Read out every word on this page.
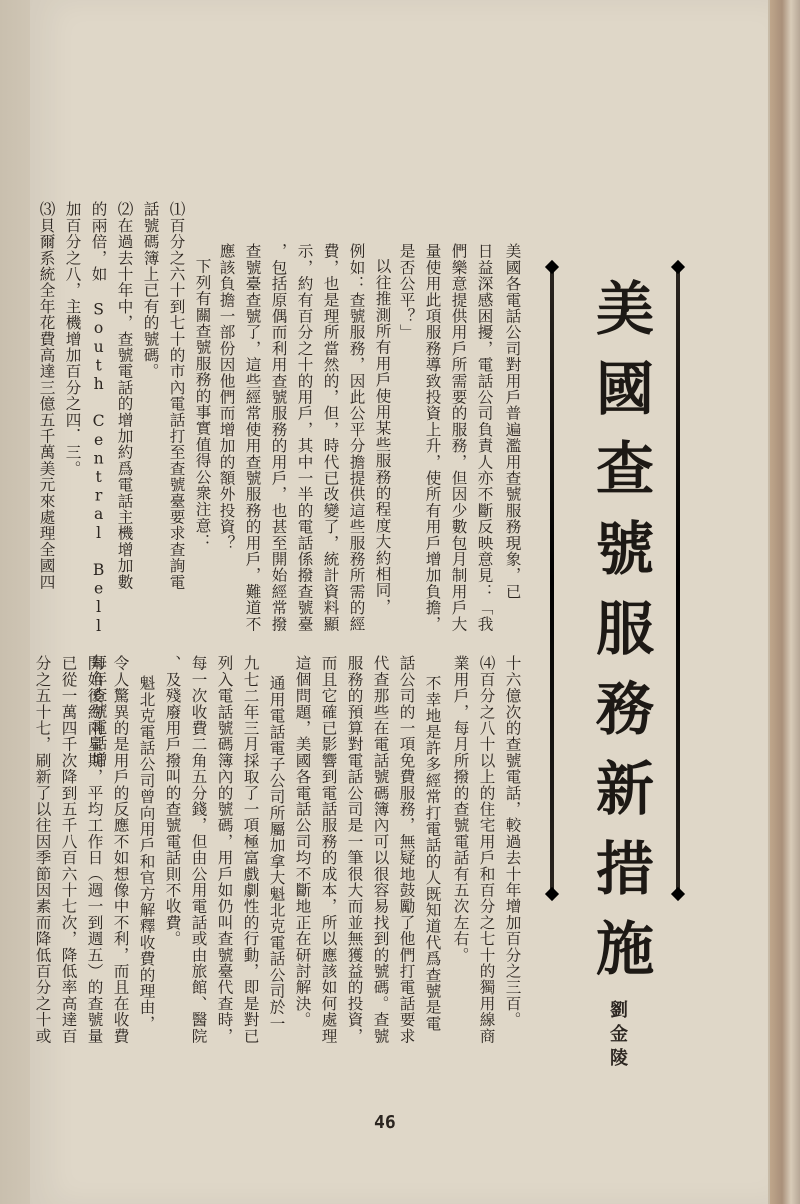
美國查號服務新措施
劉金陵
美國各電話公司對用戶普遍濫用查號服務現象，已
日益深感困擾，電話公司負責人亦不斷反映意見：「我
們樂意提供用戶所需要的服務，但因少數包月制用戶大
量使用此項服務導致投資上升，使所有用戶增加負擔，
是否公平？」
以往推測所有用戶使用某些服務的程度大約相同，
例如：查號服務，因此公平分擔提供這些服務所需的經
費，也是理所當然的，但，時代已改變了，統計資料顯
示，約有百分之十的用戶，其中一半的電話係撥查號臺
，包括原偶而利用查號服務的用戶，也甚至開始經常撥
查號臺查號了，這些經常使用查號服務的用戶，難道不
應該負擔一部份因他們而增加的額外投資？
下列有關查號服務的事實值得公衆注意：
⑴百分之六十到七十的市內電話打至查號臺要求查詢電
話號碼簿上已有的號碼。
⑵在過去十年中，查號電話的增加約爲電話主機增加數
的兩倍，如 South Central Bell 每年查號電話增
加百分之八，主機增加百分之四．三。
⑶貝爾系統全年花費高達三億五千萬美元來處理全國四
十六億次的查號電話，較過去十年增加百分之三百。
⑷百分之八十以上的住宅用戶和百分之七十的獨用線商
業用戶，每月所撥的查號電話有五次左右。
不幸地是許多經常打電話的人既知道代爲查號是電
話公司的一項免費服務，無疑地鼓勵了他們打電話要求
代查那些在電話號碼簿內可以很容易找到的號碼。查號
服務的預算對電話公司是一筆很大而並無獲益的投資，
而且它確已影響到電話服務的成本，所以應該如何處理
這個問題，美國各電話公司均不斷地正在研討解決。
通用電話電子公司所屬加拿大魁北克電話公司於一
九七二年三月採取了一項極富戲劇性的行動，即是對已
列入電話號碼簿內的號碼，用戶如仍叫查號臺代查時，
每一次收費二角五分錢，但由公用電話或由旅館、醫院
、及殘廢用戶撥叫的查號電話則不收費。
魁北克電話公司曾向用戶和官方解釋收費的理由，
令人驚異的是用戶的反應不如想像中不利，而且在收費
開始後約兩星期，平均工作日（週一到週五）的查號量
已從一萬四千次降到五千八百六十七次，降低率高達百
分之五十七，刷新了以往因季節因素而降低百分之十或
46
